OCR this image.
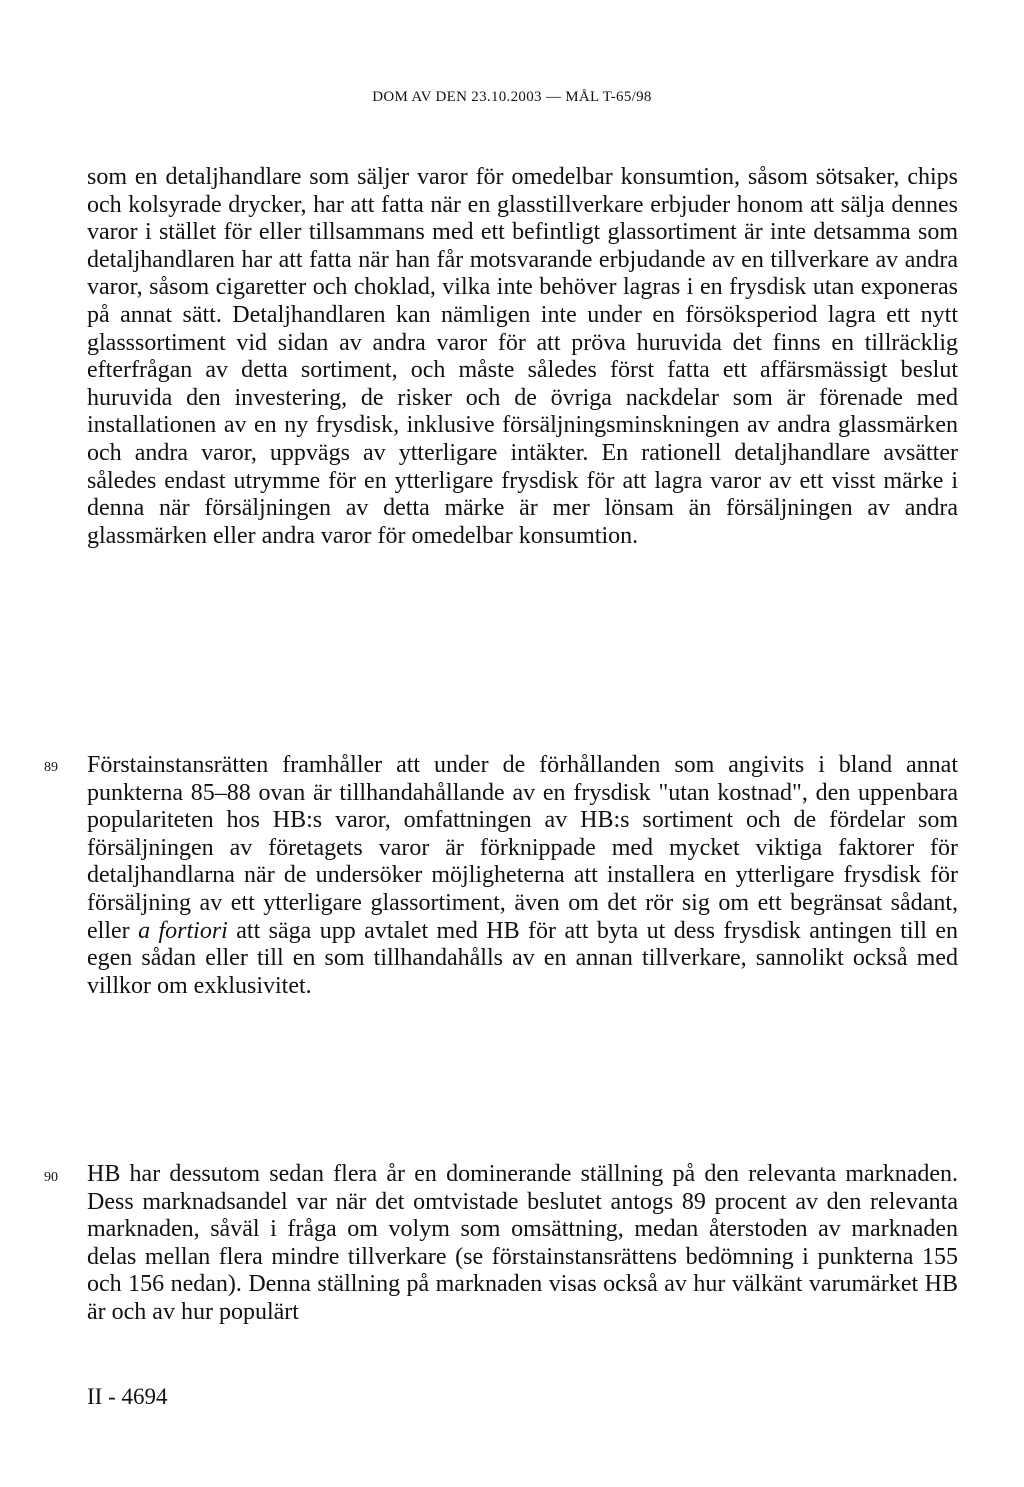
DOM AV DEN 23.10.2003 — MÅL T-65/98

som en detaljhandlare som säljer varor för omedelbar konsumtion, såsom sötsaker, chips och kolsyrade drycker, har att fatta när en glasstillverkare erbjuder honom att sälja dennes varor i stället för eller tillsammans med ett befintligt glassortiment är inte detsamma som detaljhandlaren har att fatta när han får motsvarande erbjudande av en tillverkare av andra varor, såsom cigaretter och choklad, vilka inte behöver lagras i en frysdisk utan exponeras på annat sätt. Detaljhandlaren kan nämligen inte under en försöksperiod lagra ett nytt glasssortiment vid sidan av andra varor för att pröva huruvida det finns en tillräcklig efterfrågan av detta sortiment, och måste således först fatta ett affärsmässigt beslut huruvida den investering, de risker och de övriga nackdelar som är förenade med installationen av en ny frysdisk, inklusive försäljningsminskningen av andra glassmärken och andra varor, uppvägs av ytterligare intäkter. En rationell detaljhandlare avsätter således endast utrymme för en ytterligare frysdisk för att lagra varor av ett visst märke i denna när försäljningen av detta märke är mer lönsam än försäljningen av andra glassmärken eller andra varor för omedelbar konsumtion.

89	Förstainstansrätten framhåller att under de förhållanden som angivits i bland annat punkterna 85–88 ovan är tillhandahållande av en frysdisk "utan kostnad", den uppenbara populariteten hos HB:s varor, omfattningen av HB:s sortiment och de fördelar som försäljningen av företagets varor är förknippade med mycket viktiga faktorer för detaljhandlarna när de undersöker möjligheterna att installera en ytterligare frysdisk för försäljning av ett ytterligare glassortiment, även om det rör sig om ett begränsat sådant, eller a fortiori att säga upp avtalet med HB för att byta ut dess frysdisk antingen till en egen sådan eller till en som tillhandahålls av en annan tillverkare, sannolikt också med villkor om exklusivitet.

90	HB har dessutom sedan flera år en dominerande ställning på den relevanta marknaden. Dess marknadsandel var när det omtvistade beslutet antogs 89 procent av den relevanta marknaden, såväl i fråga om volym som omsättning, medan återstoden av marknaden delas mellan flera mindre tillverkare (se förstainstansrättens bedömning i punkterna 155 och 156 nedan). Denna ställning på marknaden visas också av hur välkänt varumärket HB är och av hur populärt

II - 4694
